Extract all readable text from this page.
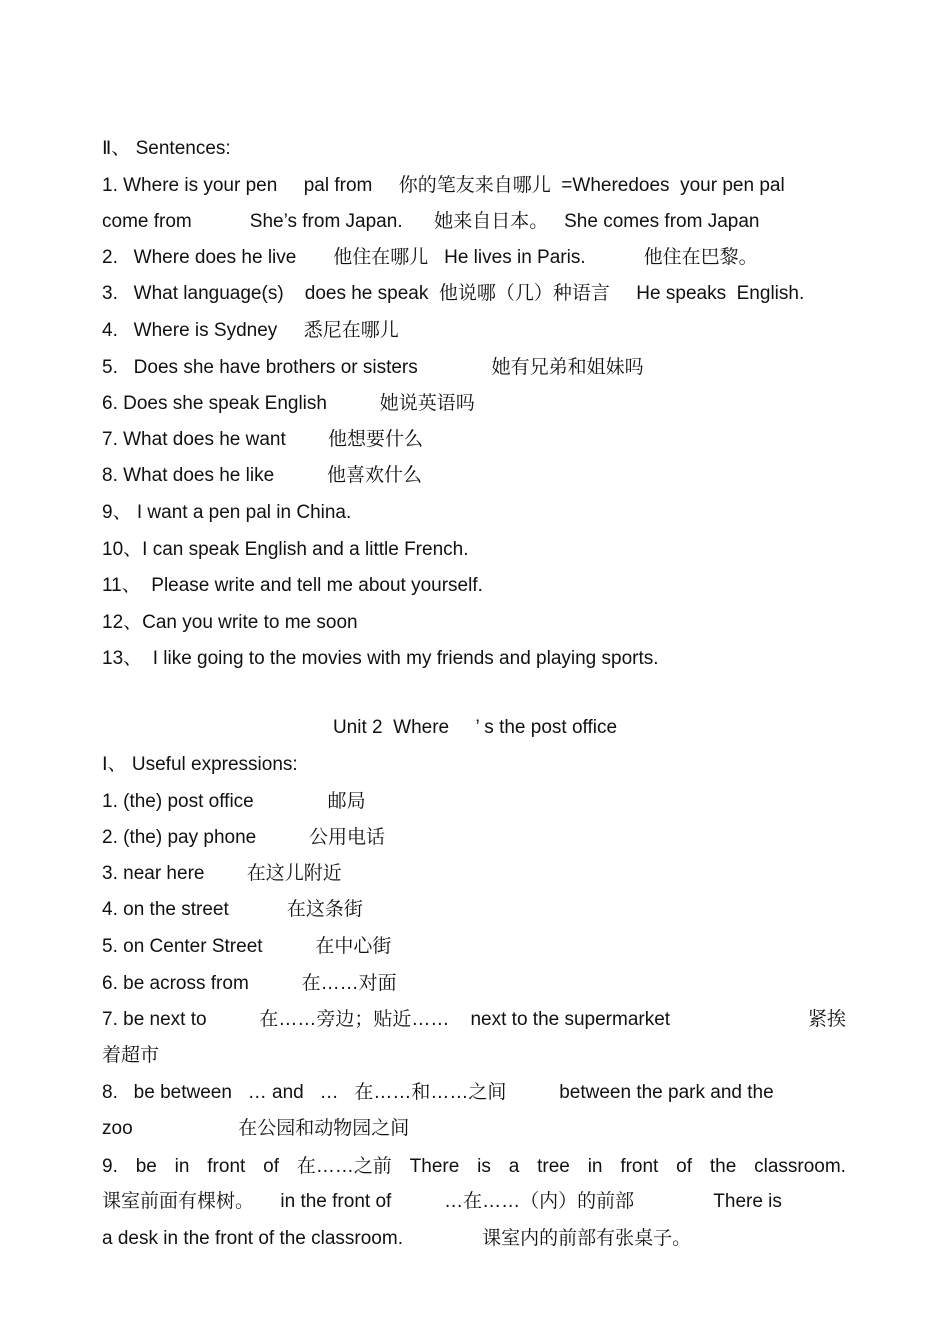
Ⅱ、 Sentences:
1. Where is your pen     pal from     你的笔友来自哪儿  =Wheredoes  your pen pal
come from           She’s from Japan.      她来自日本。   She comes from Japan
2.   Where does he live       他住在哪儿   He lives in Paris.           他住在巴黎。
3.   What language(s)    does he speak  他说哪（几）种语言     He speaks  English.
4.   Where is Sydney     悉尼在哪儿
5.   Does she have brothers or sisters              她有兄弟和姐妹吗
6. Does she speak English          她说英语吗
7. What does he want        他想要什么
8. What does he like          他喜欢什么
9、 I want a pen pal in China.
10、I can speak English and a little French.
11、  Please write and tell me about yourself.
12、Can you write to me soon
13、  I like going to the movies with my friends and playing sports.
Unit 2  Where     ’ s the post office
Ⅰ、 Useful expressions:
1. (the) post office              邮局
2. (the) pay phone          公用电话
3. near here        在这儿附近
4. on the street           在这条街
5. on Center Street          在中心街
6. be across from          在……对面
7. be next to          在……旁边；贴近……    next to the supermarket	紧挨
着超市
8.   be between   … and   …   在……和……之间          between the park and the
zoo                    在公园和动物园之间
9. be in front of 在……之前 There is a tree in front of the classroom.
课室前面有棵树。     in the front of          …在……（内）的前部               There is
a desk in the front of the classroom.               课室内的前部有张桌子。
